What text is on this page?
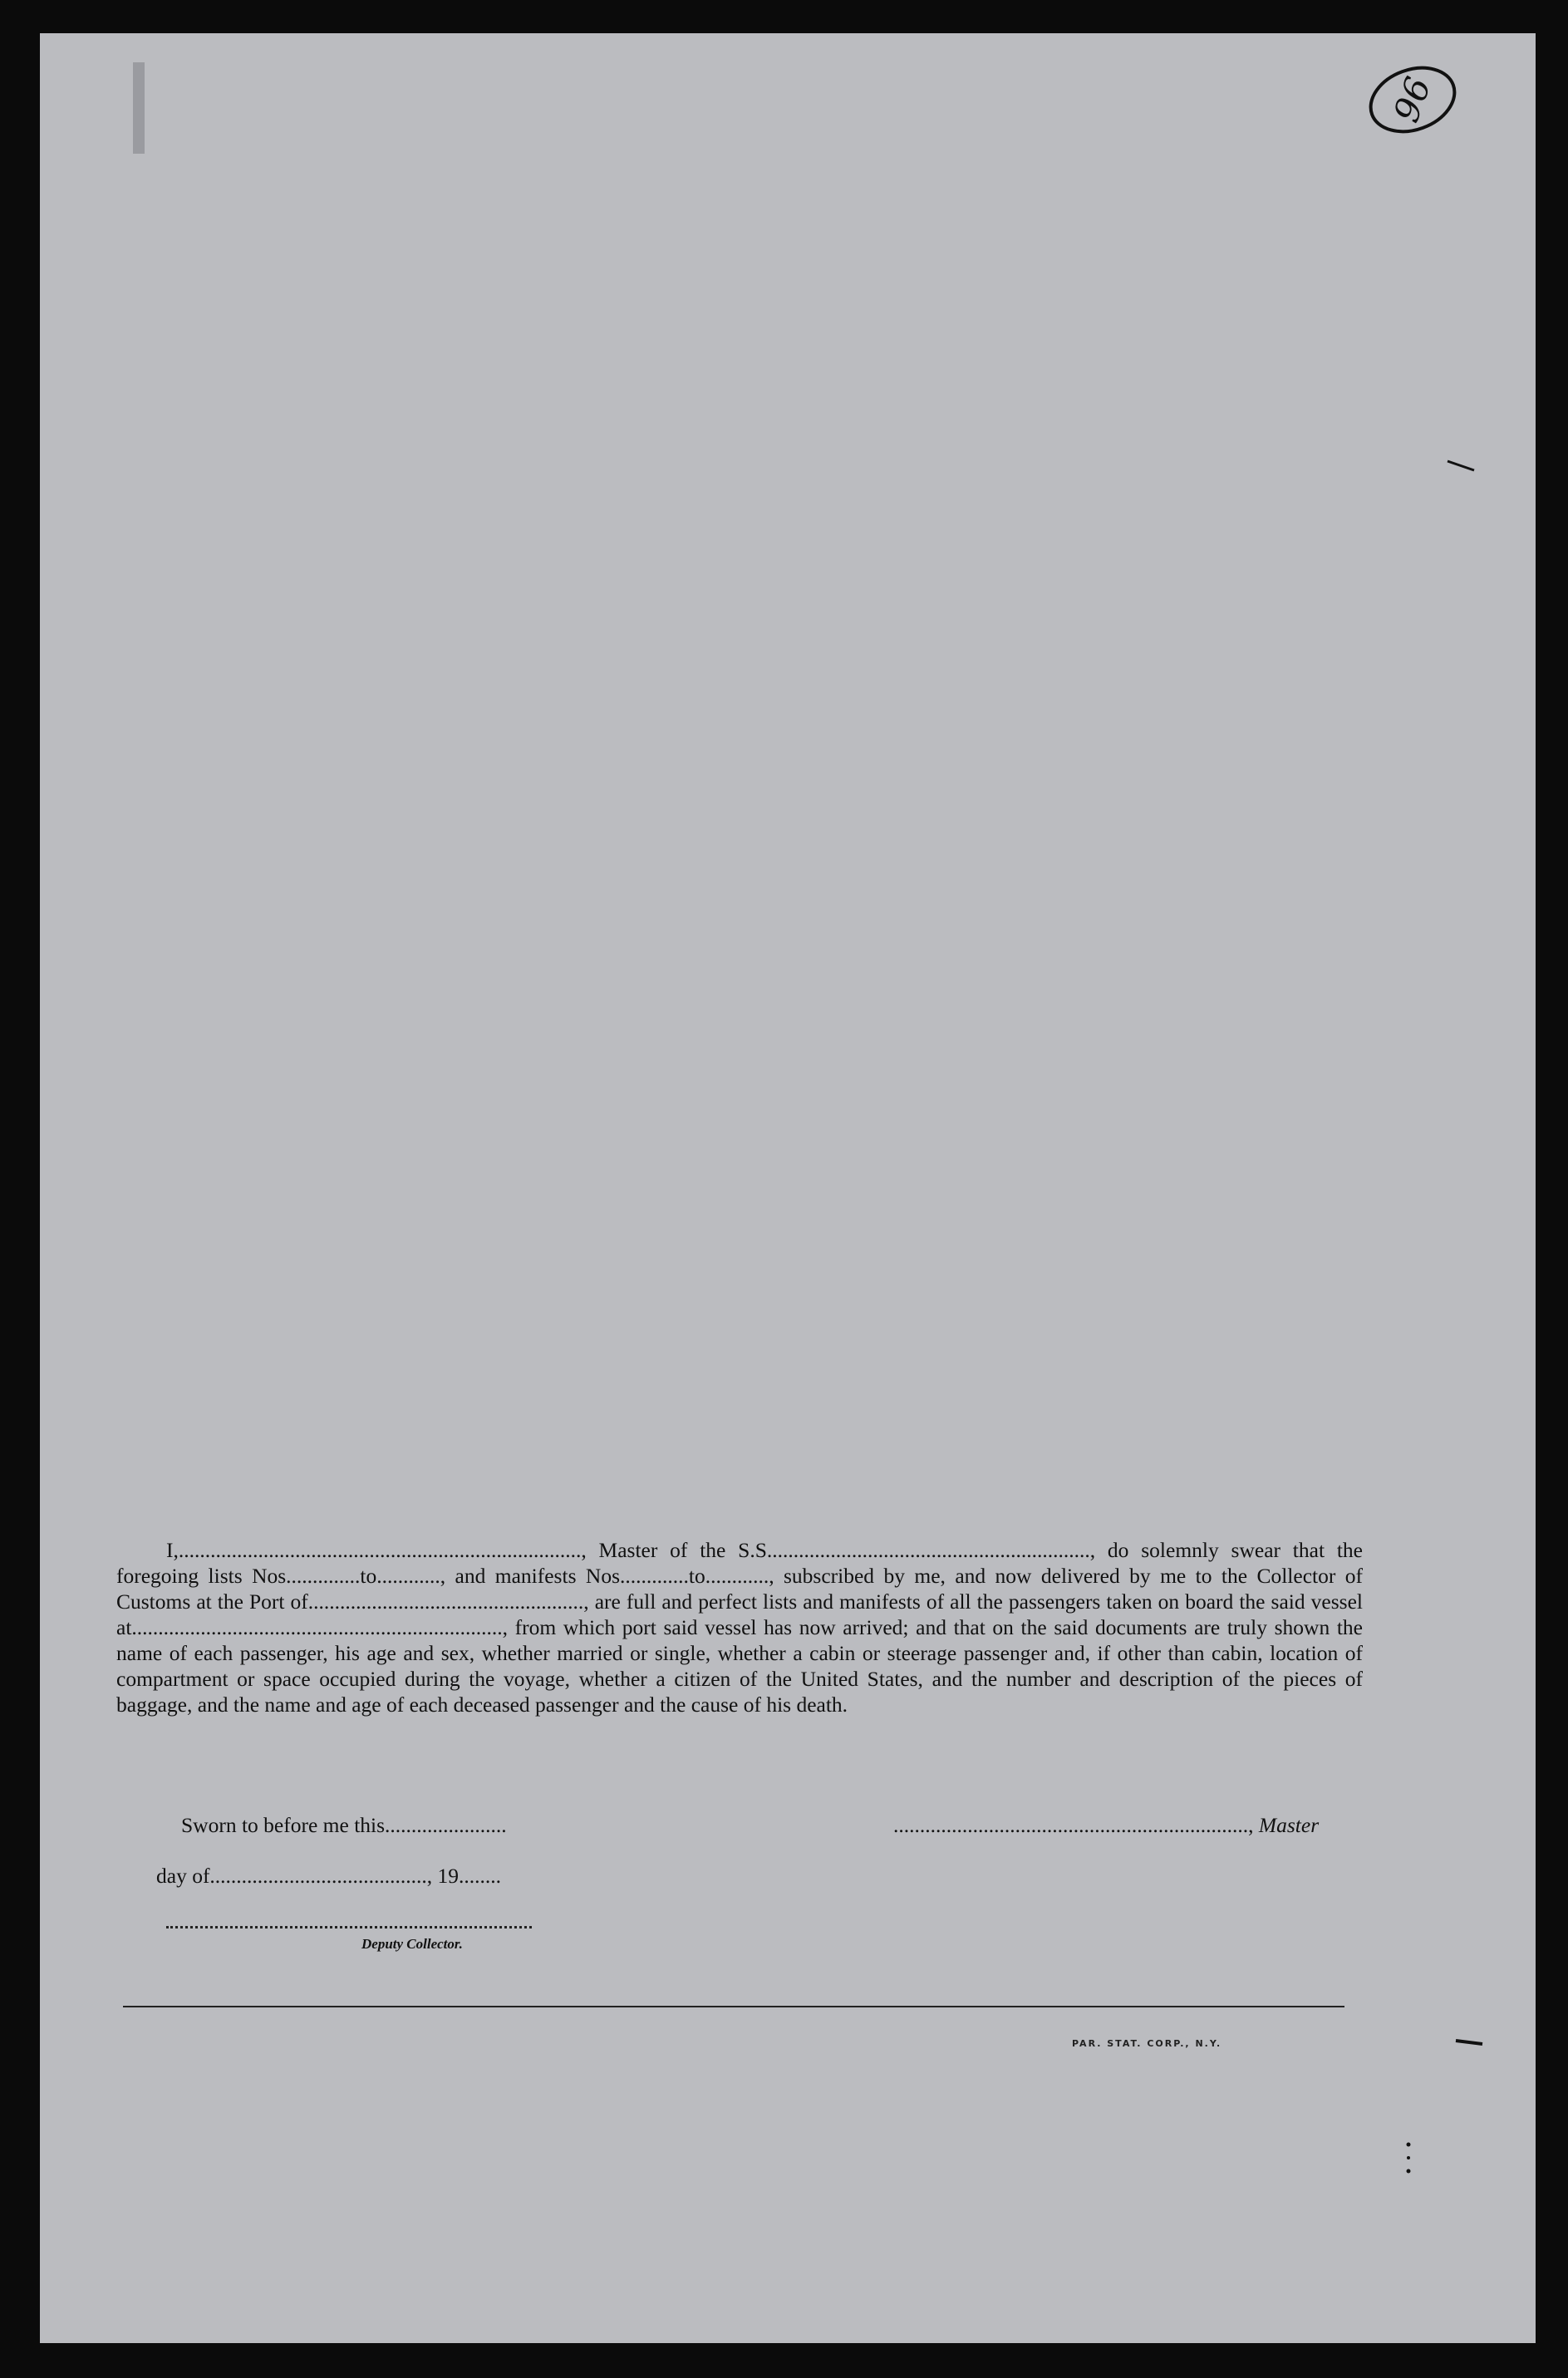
96

I,............................................................................, Master of the S.S............................................................., do solemnly swear that the foregoing lists Nos..............to............, and manifests Nos.............to............, subscribed by me, and now delivered by me to the Collector of Customs at the Port of...................................................., are full and perfect lists and manifests of all the passengers taken on board the said vessel at......................................................................, from which port said vessel has now arrived; and that on the said documents are truly shown the name of each passenger, his age and sex, whether married or single, whether a cabin or steerage passenger and, if other than cabin, location of compartment or space occupied during the voyage, whether a citizen of the United States, and the number and description of the pieces of baggage, and the name and age of each deceased passenger and the cause of his death.

Sworn to before me this.......................	..................................................................., Master
day of........................................., 19........
Deputy Collector.
PAR. STAT. CORP., N.Y.
